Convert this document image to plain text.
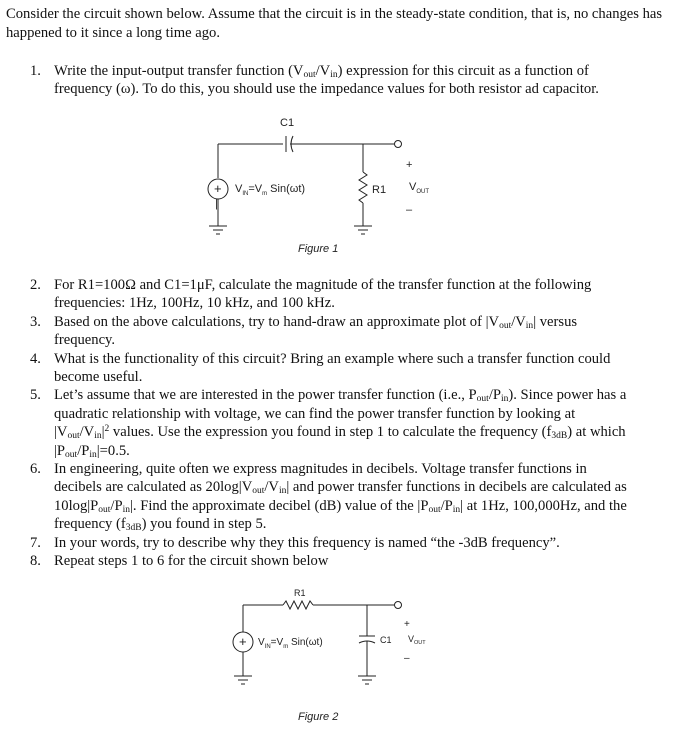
Consider the circuit shown below. Assume that the circuit is in the steady-state condition, that is, no changes has happened to it since a long time ago.
1. Write the input-output transfer function $(V_{out}/V_{in})$ expression for this circuit as a function of frequency (ω). To do this, you should use the impedance values for both resistor ad capacitor.
+
|
C1
$V_{IN}=V_m$ Sin(ωt)	R1
+
$V_{OUT}$
–
Figure 1
2. For R1=100Ω and C1=1μF, calculate the magnitude of the transfer function at the following frequencies: 1Hz, 100Hz, 10 kHz, and 100 kHz.
3. Based on the above calculations, try to hand-draw an approximate plot of $|V_{out}/V_{in}|$ versus frequency.
4. What is the functionality of this circuit? Bring an example where such a transfer function could become useful.
5. Let’s assume that we are interested in the power transfer function (i.e., $P_{out}/P_{in}$). Since power has a quadratic relationship with voltage, we can find the power transfer function by looking at $|V_{out}/V_{in}|^2$ values. Use the expression you found in step 1 to calculate the frequency $(f_{3dB})$ at which $|P_{out}/P_{in}|=0.5$.
6. In engineering, quite often we express magnitudes in decibels. Voltage transfer functions in decibels are calculated as $20\log|V_{out}/V_{in}|$ and power transfer functions in decibels are calculated as $10\log|P_{out}/P_{in}|$. Find the approximate decibel (dB) value of the $|P_{out}/P_{in}|$ at 1Hz, 100,000Hz, and the frequency $(f_{3dB})$ you found in step 5.
7. In your words, try to describe why they this frequency is named “the -3dB frequency”.
8. Repeat steps 1 to 6 for the circuit shown below
+
R1
$V_{IN}=V_m$ Sin(ωt)	C1
+
$V_{OUT}$
–
Figure 2
